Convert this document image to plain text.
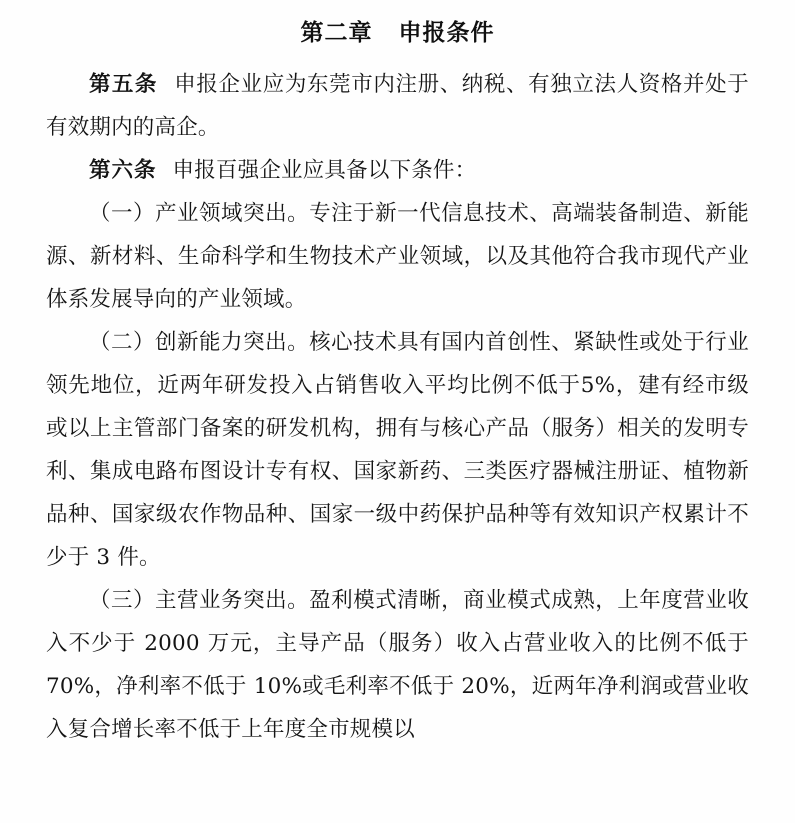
第二章 申报条件

第五条 申报企业应为东莞市内注册、纳税、有独立法人资格并处于有效期内的高企。

第六条 申报百强企业应具备以下条件：

（一）产业领域突出。专注于新一代信息技术、高端装备制造、新能源、新材料、生命科学和生物技术产业领域，以及其他符合我市现代产业体系发展导向的产业领域。

（二）创新能力突出。核心技术具有国内首创性、紧缺性或处于行业领先地位，近两年研发投入占销售收入平均比例不低于5%，建有经市级或以上主管部门备案的研发机构，拥有与核心产品（服务）相关的发明专利、集成电路布图设计专有权、国家新药、三类医疗器械注册证、植物新品种、国家级农作物品种、国家一级中药保护品种等有效知识产权累计不少于 3 件。

（三）主营业务突出。盈利模式清晰，商业模式成熟，上年度营业收入不少于 2000 万元，主导产品（服务）收入占营业收入的比例不低于 70%，净利率不低于 10%或毛利率不低于 20%，近两年净利润或营业收入复合增长率不低于上年度全市规模以
